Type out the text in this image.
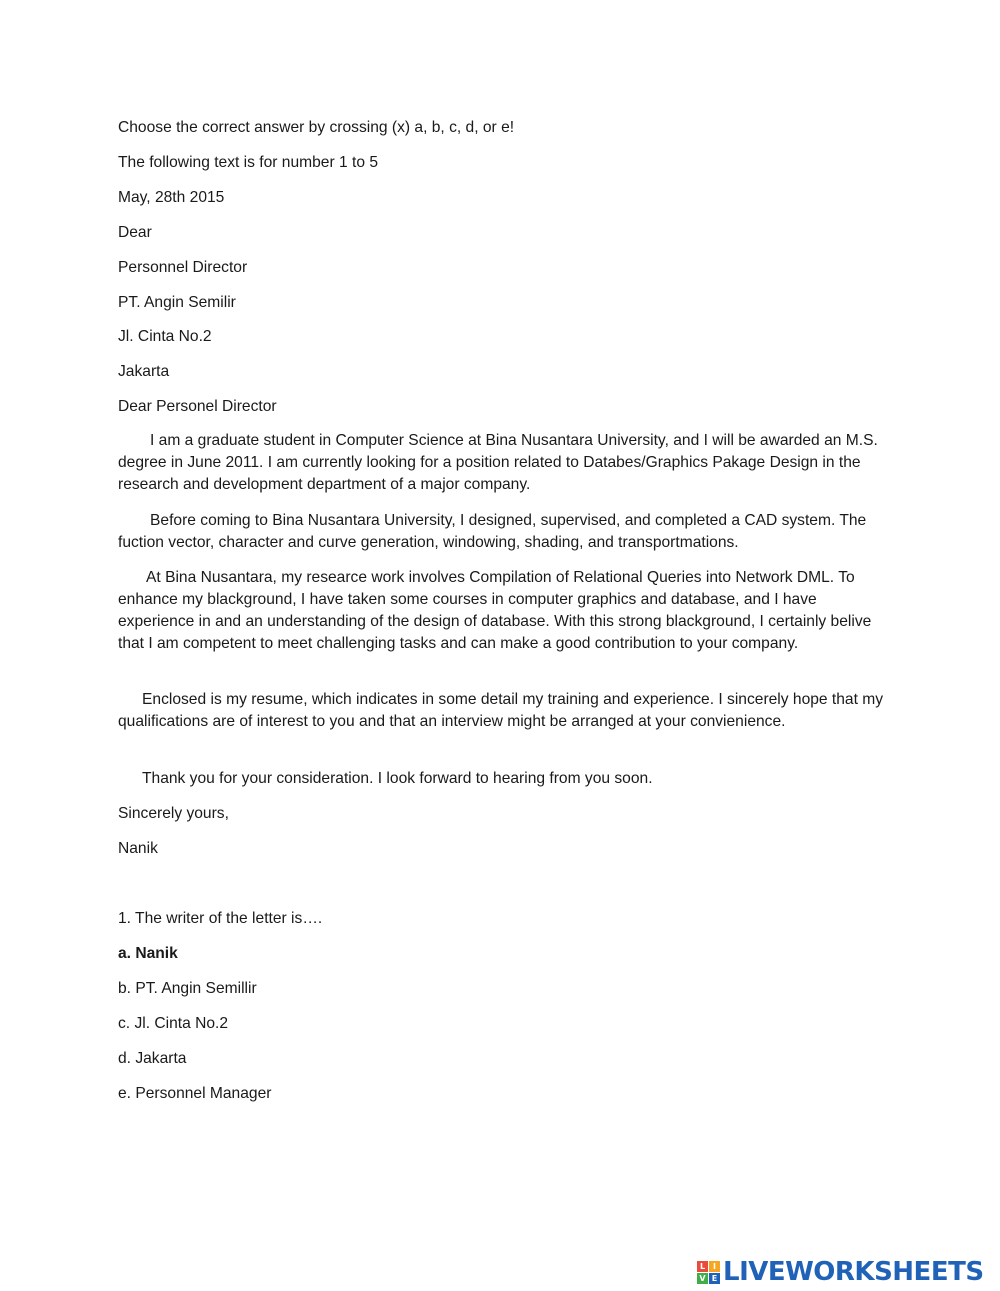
Choose the correct answer by crossing (x) a, b, c, d, or e!

The following text is for number 1 to 5

May, 28th 2015

Dear

Personnel Director

PT. Angin Semilir

Jl. Cinta No.2

Jakarta

Dear Personel Director

I am a graduate student in Computer Science at Bina Nusantara University, and I will be awarded an M.S. degree in June 2011. I am currently looking for a position related to Databes/Graphics Pakage Design in the research and development department of a major company.

Before coming to Bina Nusantara University, I designed, supervised, and completed a CAD system. The fuction vector, character and curve generation, windowing, shading, and transportmations.

At Bina Nusantara, my researce work involves Compilation of Relational Queries into Network DML. To enhance my blackground, I have taken some courses in computer graphics and database, and I have experience in and an understanding of the design of database. With this strong blackground, I certainly belive that I am competent to meet challenging tasks and can make a good contribution to your company.

Enclosed is my resume, which indicates in some detail my training and experience. I sincerely hope that my qualifications are of interest to you and that an interview might be arranged at your convienience.

Thank you for your consideration. I look forward to hearing from you soon.

Sincerely yours,

Nanik

1. The writer of the letter is….

a. Nanik

b. PT. Angin Semillir

c. Jl. Cinta No.2

d. Jakarta

e. Personnel Manager

L I
V E LIVEWORKSHEETS
